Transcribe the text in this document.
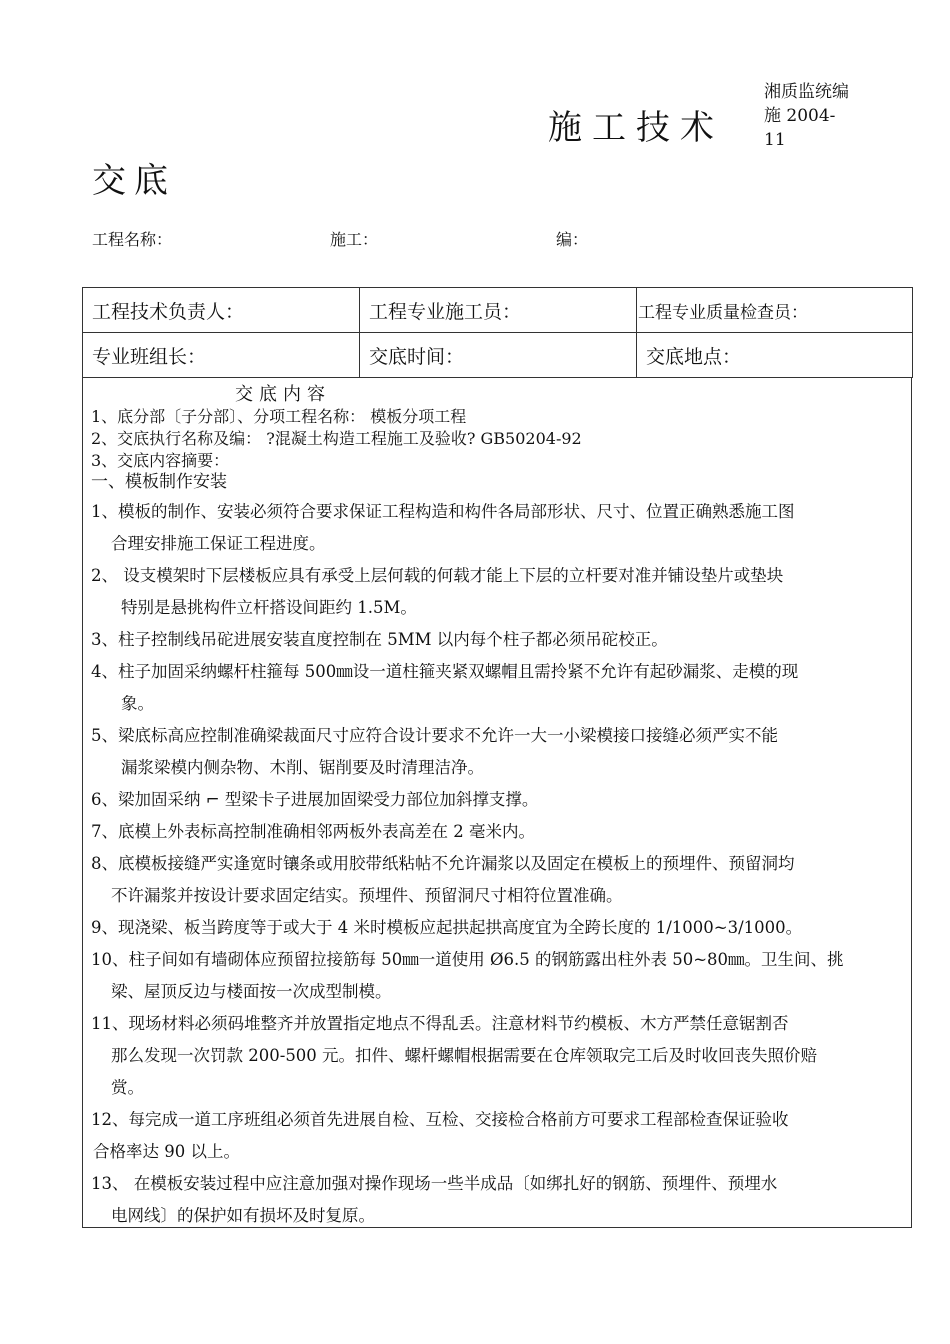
湘质监统编 施 2004-11
施工技术
交底
工程名称：	施工：	编：
工程技术负责人：	工程专业施工员：	工程专业质量检查员：
专业班组长：	交底时间：	交底地点：
交底内容
1、底分部〔子分部〕、分项工程名称： 模板分项工程
2、交底执行名称及编： ?混凝土构造工程施工及验收? GB50204-92
3、交底内容摘要：
一、模板制作安装
1、模板的制作、安装必须符合要求保证工程构造和构件各局部形状、尺寸、位置正确熟悉施工图
合理安排施工保证工程进度。
2、 设支模架时下层楼板应具有承受上层何载的何载才能上下层的立杆要对准并铺设垫片或垫块
特别是悬挑构件立杆搭设间距约 1.5M。
3、柱子控制线吊砣进展安装直度控制在 5MM 以内每个柱子都必须吊砣校正。
4、柱子加固采纳螺杆柱箍每 500㎜设一道柱箍夹紧双螺帽且需拎紧不允许有起砂漏浆、走模的现
象。
5、梁底标高应控制准确梁裁面尺寸应符合设计要求不允许一大一小梁模接口接缝必须严实不能
漏浆梁模内侧杂物、木削、锯削要及时清理洁净。
6、梁加固采纳 ⌐ 型梁卡子进展加固梁受力部位加斜撑支撑。
7、底模上外表标高控制准确相邻两板外表高差在 2 毫米内。
8、底模板接缝严实逢宽时镶条或用胶带纸粘帖不允许漏浆以及固定在模板上的预埋件、预留洞均
不许漏浆并按设计要求固定结实。预埋件、预留洞尺寸相符位置准确。
9、现浇梁、板当跨度等于或大于 4 米时模板应起拱起拱高度宜为全跨长度的 1/1000~3/1000。
10、柱子间如有墙砌体应预留拉接筋每 50㎜一道使用 Ø6.5 的钢筋露出柱外表 50~80㎜。卫生间、挑
梁、屋顶反边与楼面按一次成型制模。
11、现场材料必须码堆整齐并放置指定地点不得乱丢。注意材料节约模板、木方严禁任意锯割否
那么发现一次罚款 200-500 元。扣件、螺杆螺帽根据需要在仓库领取完工后及时收回丧失照价赔
赏。
12、每完成一道工序班组必须首先进展自检、互检、交接检合格前方可要求工程部检查保证验收
合格率达 90 以上。
13、 在模板安装过程中应注意加强对操作现场一些半成品〔如绑扎好的钢筋、预埋件、预埋水
电网线〕的保护如有损坏及时复原。
